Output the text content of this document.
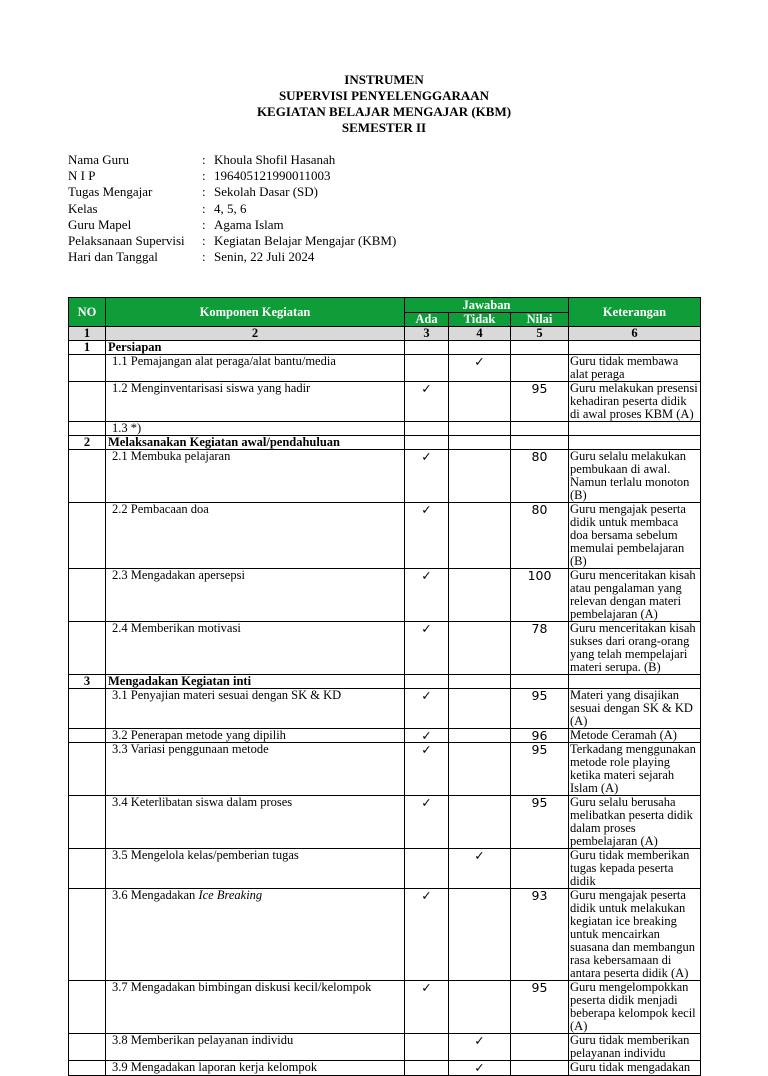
INSTRUMEN
SUPERVISI PENYELENGGARAAN
KEGIATAN BELAJAR MENGAJAR (KBM)
SEMESTER II
Nama Guru	: Khoula Shofil Hasanah
N I P	: 196405121990011003
Tugas Mengajar	: Sekolah Dasar (SD)
Kelas	: 4, 5, 6
Guru Mapel	: Agama Islam
Pelaksanaan Supervisi	: Kegiatan Belajar Mengajar (KBM)
Hari dan Tanggal	: Senin, 22 Juli 2024
NO	Komponen Kegiatan	Jawaban			Keterangan
		Ada	Tidak	Nilai	
1	2	3	4	5	6
1	Persiapan				
	1.1 Pemajangan alat peraga/alat bantu/media		✓		Guru tidak membawa alat peraga
	1.2 Menginventarisasi siswa yang hadir	✓		95	Guru melakukan presensi kehadiran peserta didik di awal proses KBM (A)
	1.3 *)				
2	Melaksanakan Kegiatan awal/pendahuluan				
	2.1 Membuka pelajaran	✓		80	Guru selalu melakukan pembukaan di awal. Namun terlalu monoton (B)
	2.2 Pembacaan doa	✓		80	Guru mengajak peserta didik untuk membaca doa bersama sebelum memulai pembelajaran (B)
	2.3 Mengadakan apersepsi	✓		100	Guru menceritakan kisah atau pengalaman yang relevan dengan materi pembelajaran (A)
	2.4 Memberikan motivasi	✓		78	Guru menceritakan kisah sukses dari orang-orang yang telah mempelajari materi serupa. (B)
3	Mengadakan Kegiatan inti				
	3.1 Penyajian materi sesuai dengan SK & KD	✓		95	Materi yang disajikan sesuai dengan SK & KD (A)
	3.2 Penerapan metode yang dipilih	✓		96	Metode Ceramah (A)
	3.3 Variasi penggunaan metode	✓		95	Terkadang menggunakan metode role playing ketika materi sejarah Islam (A)
	3.4 Keterlibatan siswa dalam proses	✓		95	Guru selalu berusaha melibatkan peserta didik dalam proses pembelajaran (A)
	3.5 Mengelola kelas/pemberian tugas		✓		Guru tidak memberikan tugas kepada peserta didik
	3.6 Mengadakan Ice Breaking	✓		93	Guru mengajak peserta didik untuk melakukan kegiatan ice breaking untuk mencairkan suasana dan membangun rasa kebersamaan di antara peserta didik (A)
	3.7 Mengadakan bimbingan diskusi kecil/kelompok	✓		95	Guru mengelompokkan peserta didik menjadi beberapa kelompok kecil (A)
	3.8 Memberikan pelayanan individu		✓		Guru tidak memberikan pelayanan individu
	3.9 Mengadakan laporan kerja kelompok		✓		Guru tidak mengadakan
